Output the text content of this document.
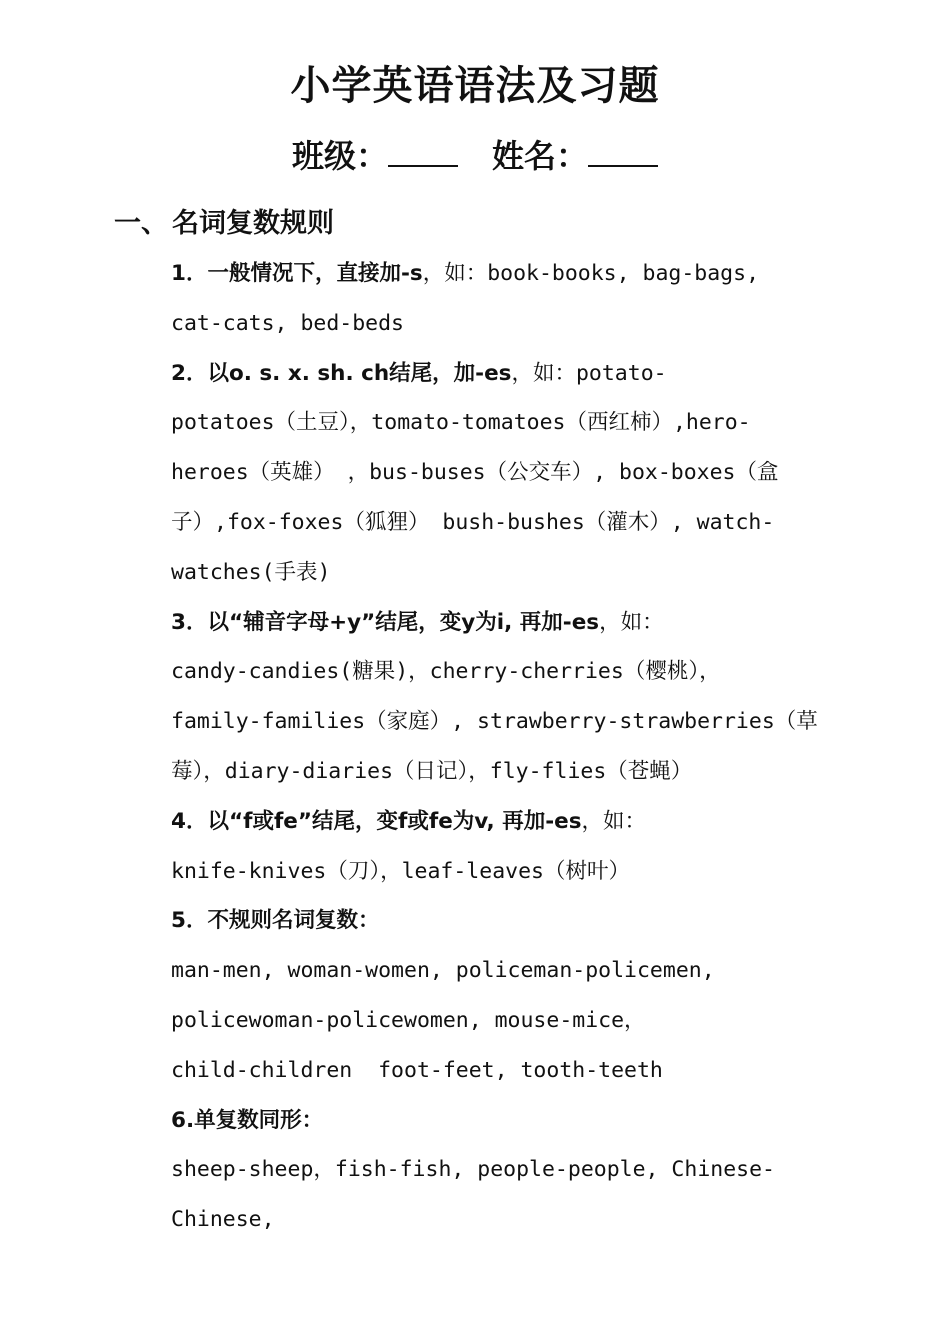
小学英语语法及习题
班级：	姓名：
一、 名词复数规则
1．一般情况下，直接加-s，如：book-books, bag-bags,
cat-cats, bed-beds
2．以o. s. x. sh. ch结尾，加-es，如：potato-
potatoes（土豆），tomato-tomatoes（西红柿）,hero-
heroes（英雄） ，bus-buses（公交车）, box-boxes（盒
子）,fox-foxes（狐狸） bush-bushes（灌木）, watch-
watches(手表)
3．以“辅音字母+y”结尾，变y为i, 再加-es，如：
candy-candies(糖果)，cherry-cherries（樱桃），
family-families（家庭）, strawberry-strawberries（草
莓），diary-diaries（日记），fly-flies（苍蝇）
4．以“f或fe”结尾，变f或fe为v, 再加-es，如：
knife-knives（刀），leaf-leaves（树叶）
5．不规则名词复数：
man-men, woman-women, policeman-policemen,
policewoman-policewomen, mouse-mice，
child-children  foot-feet, tooth-teeth
6.单复数同形：
sheep-sheep，fish-fish, people-people, Chinese-
Chinese,
